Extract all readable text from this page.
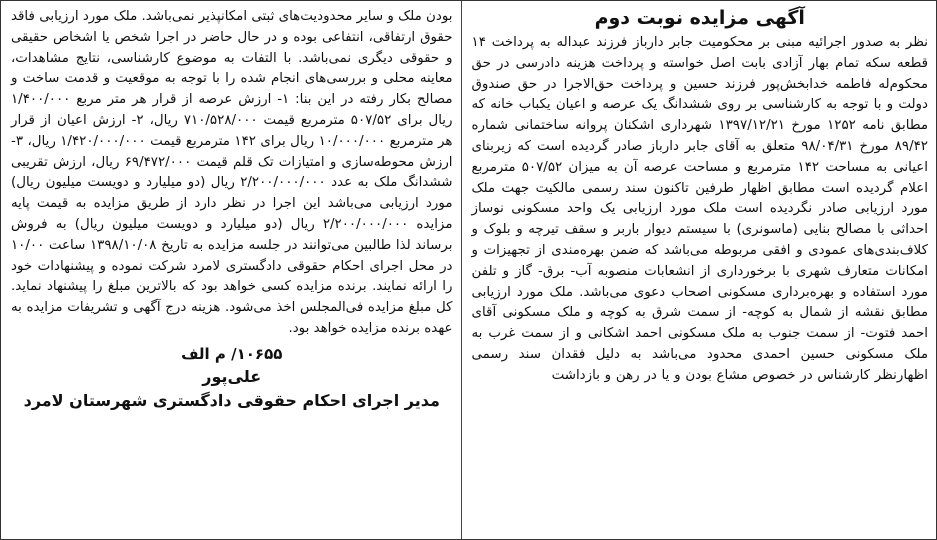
آگهی مزایده نوبت دوم

نظر به صدور اجرائیه مبنی بر محکومیت جابر دارباز فرزند عبداله به پرداخت ۱۴ قطعه سکه تمام بهار آزادی بابت اصل خواسته و پرداخت هزینه دادرسی در حق محکوم‌له فاطمه خدابخش‌پور فرزند حسین و پرداخت حق‌الاجرا در حق صندوق دولت و با توجه به کارشناسی بر روی ششدانگ یک عرصه و اعیان یکباب خانه که مطابق نامه ۱۲۵۲ مورخ ۱۳۹۷/۱۲/۲۱ شهرداری اشکنان پروانه ساختمانی شماره ۸۹/۴۲ مورخ ۹۸/۰۴/۳۱ متعلق به آقای جابر دارباز صادر گردیده است که زیربنای اعیانی به مساحت ۱۴۲ مترمربع و مساحت عرصه آن به میزان ۵۰۷/۵۲ مترمربع اعلام گردیده است مطابق اظهار طرفین تاکنون سند رسمی مالکیت جهت ملک مورد ارزیابی صادر نگردیده است ملک مورد ارزیابی یک واحد مسکونی نوساز احداثی با مصالح بنایی (ماسونری) با سیستم دیوار باربر و سقف تیرچه و بلوک و کلاف‌بندی‌های عمودی و افقی مربوطه می‌باشد که ضمن بهره‌مندی از تجهیزات و امکانات متعارف شهری با برخورداری از انشعابات منصوبه آب- برق- گاز و تلفن مورد استفاده و بهره‌برداری مسکونی اصحاب دعوی می‌باشد. ملک مورد ارزیابی مطابق نقشه از شمال به کوچه- از سمت شرق به کوچه و ملک مسکونی آقای احمد فتوت- از سمت جنوب به ملک مسکونی احمد اشکانی و از سمت غرب به ملک مسکونی حسین احمدی محدود می‌باشد به دلیل فقدان سند رسمی اظهارنظر کارشناس در خصوص مشاع بودن و یا در رهن و بازداشت

بودن ملک و سایر محدودیت‌های ثبتی امکانپذیر نمی‌باشد. ملک مورد ارزیابی فاقد حقوق ارتفاقی، انتفاعی بوده و در حال حاضر در اجرا شخص یا اشخاص حقیقی و حقوقی دیگری نمی‌باشد. با التفات به موضوع کارشناسی، نتایج مشاهدات، معاینه محلی و بررسی‌های انجام شده را با توجه به موقعیت و قدمت ساخت و مصالح بکار رفته در این بنا: ۱- ارزش عرصه از قرار هر متر مربع ۱/۴۰۰/۰۰۰ ریال برای ۵۰۷/۵۲ مترمربع قیمت ۷۱۰/۵۲۸/۰۰۰ ریال، ۲- ارزش اعیان از قرار هر مترمربع ۱۰/۰۰۰/۰۰۰ ریال برای ۱۴۲ مترمربع قیمت ۱/۴۲۰/۰۰۰/۰۰۰ ریال، ۳- ارزش محوطه‌سازی و امتیازات تک قلم قیمت ۶۹/۴۷۲/۰۰۰ ریال، ارزش تقریبی ششدانگ ملک به عدد ۲/۲۰۰/۰۰۰/۰۰۰ ریال (دو میلیارد و دویست میلیون ریال) مورد ارزیابی می‌باشد این اجرا در نظر دارد از طریق مزایده به قیمت پایه مزایده ۲/۲۰۰/۰۰۰/۰۰۰ ریال (دو میلیارد و دویست میلیون ریال) به فروش برساند لذا طالبین می‌توانند در جلسه مزایده به تاریخ ۱۳۹۸/۱۰/۰۸ ساعت ۱۰/۰۰ در محل اجرای احکام حقوقی دادگستری لامرد شرکت نموده و پیشنهادات خود را ارائه نمایند. برنده مزایده کسی خواهد بود که بالاترین مبلغ را پیشنهاد نماید. کل مبلغ مزایده فی‌المجلس اخذ می‌شود. هزینه درج آگهی و تشریفات مزایده به عهده برنده مزایده خواهد بود.

۱۰۶۵۵/ م الف
علی‌پور
مدیر اجرای احکام حقوقی دادگستری شهرستان لامرد
